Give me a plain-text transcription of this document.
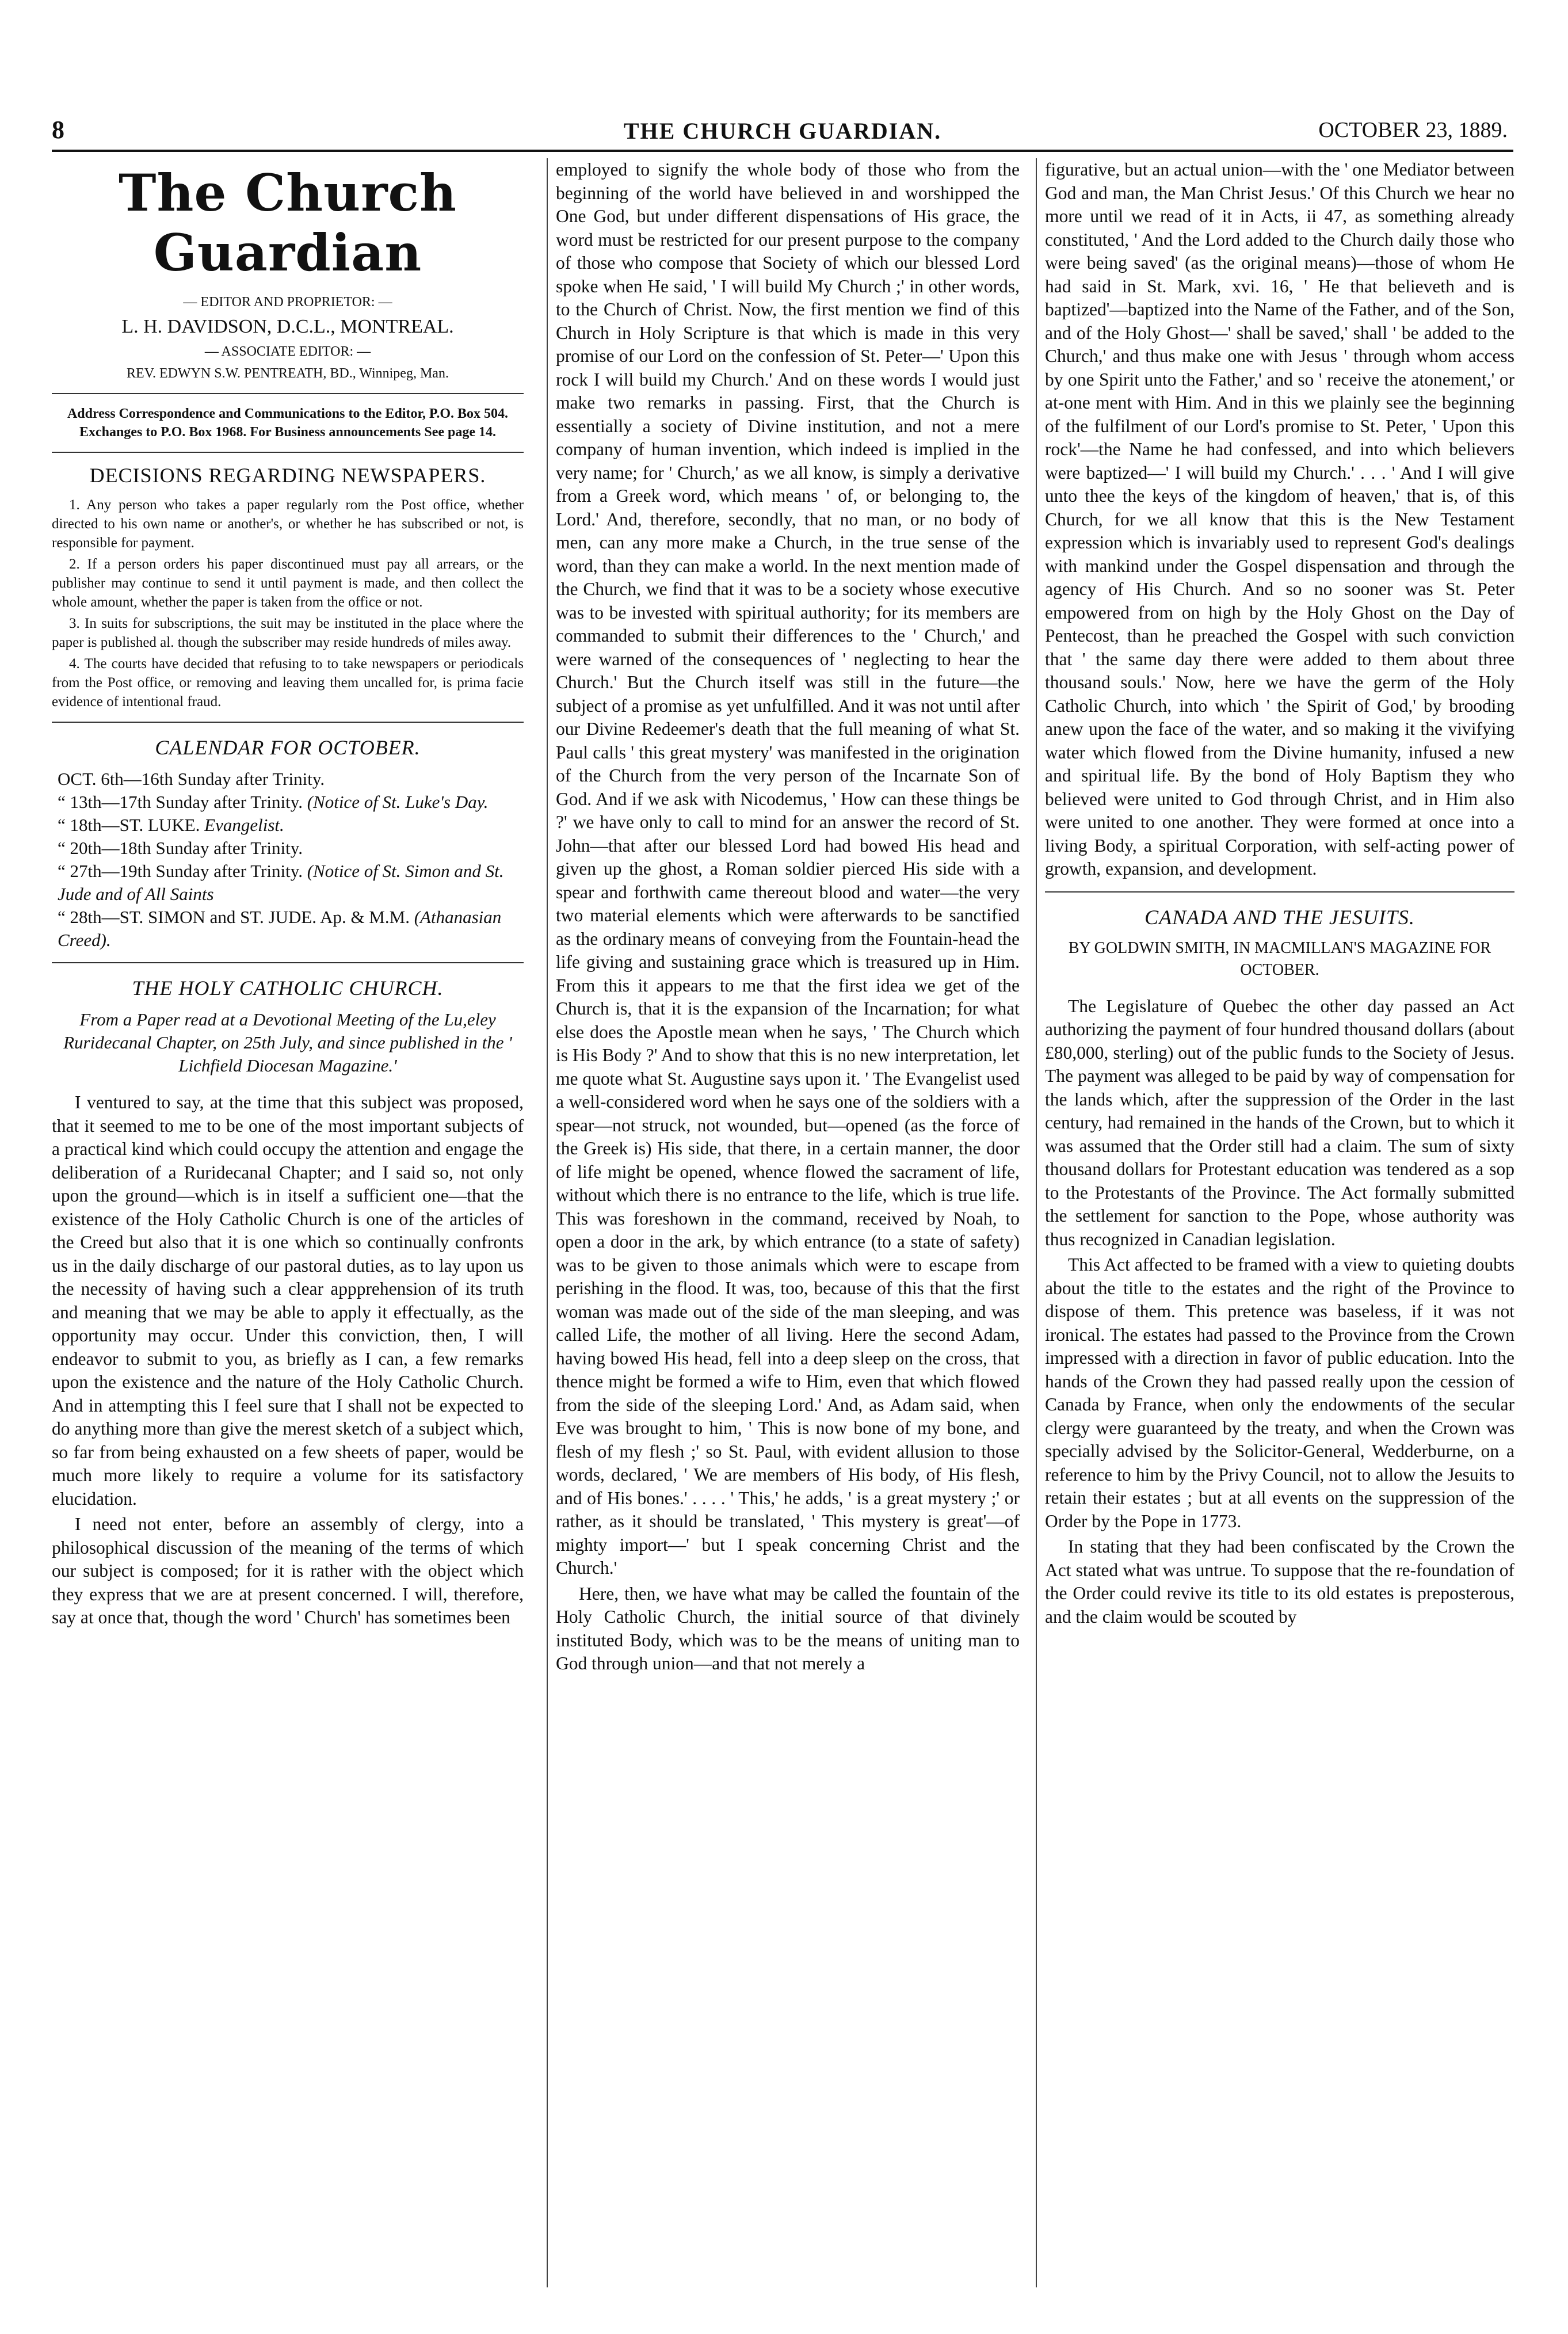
8	THE CHURCH GUARDIAN.	OCTOBER 23, 1889.
The Church Guardian
— EDITOR AND PROPRIETOR: —
L. H. DAVIDSON, D.C.L., MONTREAL.
— ASSOCIATE EDITOR: —
REV. EDWYN S.W. PENTREATH, BD., Winnipeg, Man.
Address Correspondence and Communications to the Editor, P.O. Box 504. Exchanges to P.O. Box 1968. For Business announcements See page 14.
DECISIONS REGARDING NEWSPAPERS.

1. Any person who takes a paper regularly rom the Post office, whether directed to his own name or another's, or whether he has subscribed or not, is responsible for payment.

2. If a person orders his paper discontinued must pay all arrears, or the publisher may continue to send it until payment is made, and then collect the whole amount, whether the paper is taken from the office or not.

3. In suits for subscriptions, the suit may be instituted in the place where the paper is published al. though the subscriber may reside hundreds of miles away.

4. The courts have decided that refusing to to take newspapers or periodicals from the Post office, or removing and leaving them uncalled for, is prima facie evidence of intentional fraud.

CALENDAR FOR OCTOBER.
OCT. 6th—16th Sunday after Trinity.
“ 13th—17th Sunday after Trinity. (Notice of St. Luke's Day.
“ 18th—ST. LUKE. Evangelist.
“ 20th—18th Sunday after Trinity.
“ 27th—19th Sunday after Trinity. (Notice of St. Simon and St. Jude and of All Saints
“ 28th—ST. SIMON and ST. JUDE. Ap. & M.M. (Athanasian Creed).
THE HOLY CATHOLIC CHURCH.
From a Paper read at a Devotional Meeting of the Lu,eley Ruridecanal Chapter, on 25th July, and since published in the ' Lichfield Diocesan Magazine.'

I ventured to say, at the time that this subject was proposed, that it seemed to me to be one of the most important subjects of a practical kind which could occupy the attention and engage the deliberation of a Ruridecanal Chapter; and I said so, not only upon the ground—which is in itself a sufficient one—that the existence of the Holy Catholic Church is one of the articles of the Creed but also that it is one which so continually confronts us in the daily discharge of our pastoral duties, as to lay upon us the necessity of having such a clear appprehension of its truth and meaning that we may be able to apply it effectually, as the opportunity may occur. Under this conviction, then, I will endeavor to submit to you, as briefly as I can, a few remarks upon the existence and the nature of the Holy Catholic Church. And in attempting this I feel sure that I shall not be expected to do anything more than give the merest sketch of a subject which, so far from being exhausted on a few sheets of paper, would be much more likely to require a volume for its satisfactory elucidation.

I need not enter, before an assembly of clergy, into a philosophical discussion of the meaning of the terms of which our subject is composed; for it is rather with the object which they express that we are at present concerned. I will, therefore, say at once that, though the word ' Church' has sometimes been

employed to signify the whole body of those who from the beginning of the world have believed in and worshipped the One God, but under different dispensations of His grace, the word must be restricted for our present purpose to the company of those who compose that Society of which our blessed Lord spoke when He said, ' I will build My Church ;' in other words, to the Church of Christ. Now, the first mention we find of this Church in Holy Scripture is that which is made in this very promise of our Lord on the confession of St. Peter—' Upon this rock I will build my Church.' And on these words I would just make two remarks in passing. First, that the Church is essentially a society of Divine institution, and not a mere company of human invention, which indeed is implied in the very name; for ' Church,' as we all know, is simply a derivative from a Greek word, which means ' of, or belonging to, the Lord.' And, therefore, secondly, that no man, or no body of men, can any more make a Church, in the true sense of the word, than they can make a world. In the next mention made of the Church, we find that it was to be a society whose executive was to be invested with spiritual authority; for its members are commanded to submit their differences to the ' Church,' and were warned of the consequences of ' neglecting to hear the Church.' But the Church itself was still in the future—the subject of a promise as yet unfulfilled. And it was not until after our Divine Redeemer's death that the full meaning of what St. Paul calls ' this great mystery' was manifested in the origination of the Church from the very person of the Incarnate Son of God. And if we ask with Nicodemus, ' How can these things be ?' we have only to call to mind for an answer the record of St. John—that after our blessed Lord had bowed His head and given up the ghost, a Roman soldier pierced His side with a spear and forthwith came thereout blood and water—the very two material elements which were afterwards to be sanctified as the ordinary means of conveying from the Fountain-head the life giving and sustaining grace which is treasured up in Him. From this it appears to me that the first idea we get of the Church is, that it is the expansion of the Incarnation; for what else does the Apostle mean when he says, ' The Church which is His Body ?' And to show that this is no new interpretation, let me quote what St. Augustine says upon it. ' The Evangelist used a well-considered word when he says one of the soldiers with a spear—not struck, not wounded, but—opened (as the force of the Greek is) His side, that there, in a certain manner, the door of life might be opened, whence flowed the sacrament of life, without which there is no entrance to the life, which is true life. This was foreshown in the command, received by Noah, to open a door in the ark, by which entrance (to a state of safety) was to be given to those animals which were to escape from perishing in the flood. It was, too, because of this that the first woman was made out of the side of the man sleeping, and was called Life, the mother of all living. Here the second Adam, having bowed His head, fell into a deep sleep on the cross, that thence might be formed a wife to Him, even that which flowed from the side of the sleeping Lord.' And, as Adam said, when Eve was brought to him, ' This is now bone of my bone, and flesh of my flesh ;' so St. Paul, with evident allusion to those words, declared, ' We are members of His body, of His flesh, and of His bones.' . . . . ' This,' he adds, ' is a great mystery ;' or rather, as it should be translated, ' This mystery is great'—of mighty import—' but I speak concerning Christ and the Church.'

Here, then, we have what may be called the fountain of the Holy Catholic Church, the initial source of that divinely instituted Body, which was to be the means of uniting man to God through union—and that not merely a

figurative, but an actual union—with the ' one Mediator between God and man, the Man Christ Jesus.' Of this Church we hear no more until we read of it in Acts, ii 47, as something already constituted, ' And the Lord added to the Church daily those who were being saved' (as the original means)—those of whom He had said in St. Mark, xvi. 16, ' He that believeth and is baptized'—baptized into the Name of the Father, and of the Son, and of the Holy Ghost—' shall be saved,' shall ' be added to the Church,' and thus make one with Jesus ' through whom access by one Spirit unto the Father,' and so ' receive the atonement,' or at-one ment with Him. And in this we plainly see the beginning of the fulfilment of our Lord's promise to St. Peter, ' Upon this rock'—the Name he had confessed, and into which believers were baptized—' I will build my Church.' . . . ' And I will give unto thee the keys of the kingdom of heaven,' that is, of this Church, for we all know that this is the New Testament expression which is invariably used to represent God's dealings with mankind under the Gospel dispensation and through the agency of His Church. And so no sooner was St. Peter empowered from on high by the Holy Ghost on the Day of Pentecost, than he preached the Gospel with such conviction that ' the same day there were added to them about three thousand souls.' Now, here we have the germ of the Holy Catholic Church, into which ' the Spirit of God,' by brooding anew upon the face of the water, and so making it the vivifying water which flowed from the Divine humanity, infused a new and spiritual life. By the bond of Holy Baptism they who believed were united to God through Christ, and in Him also were united to one another. They were formed at once into a living Body, a spiritual Corporation, with self-acting power of growth, expansion, and development.

CANADA AND THE JESUITS.
BY GOLDWIN SMITH, IN MACMILLAN'S MAGAZINE FOR OCTOBER.

The Legislature of Quebec the other day passed an Act authorizing the payment of four hundred thousand dollars (about £80,000, sterling) out of the public funds to the Society of Jesus. The payment was alleged to be paid by way of compensation for the lands which, after the suppression of the Order in the last century, had remained in the hands of the Crown, but to which it was assumed that the Order still had a claim. The sum of sixty thousand dollars for Protestant education was tendered as a sop to the Protestants of the Province. The Act formally submitted the settlement for sanction to the Pope, whose authority was thus recognized in Canadian legislation.

This Act affected to be framed with a view to quieting doubts about the title to the estates and the right of the Province to dispose of them. This pretence was baseless, if it was not ironical. The estates had passed to the Province from the Crown impressed with a direction in favor of public education. Into the hands of the Crown they had passed really upon the cession of Canada by France, when only the endowments of the secular clergy were guaranteed by the treaty, and when the Crown was specially advised by the Solicitor-General, Wedderburne, on a reference to him by the Privy Council, not to allow the Jesuits to retain their estates ; but at all events on the suppression of the Order by the Pope in 1773.

In stating that they had been confiscated by the Crown the Act stated what was untrue. To suppose that the re-foundation of the Order could revive its title to its old estates is preposterous, and the claim would be scouted by
